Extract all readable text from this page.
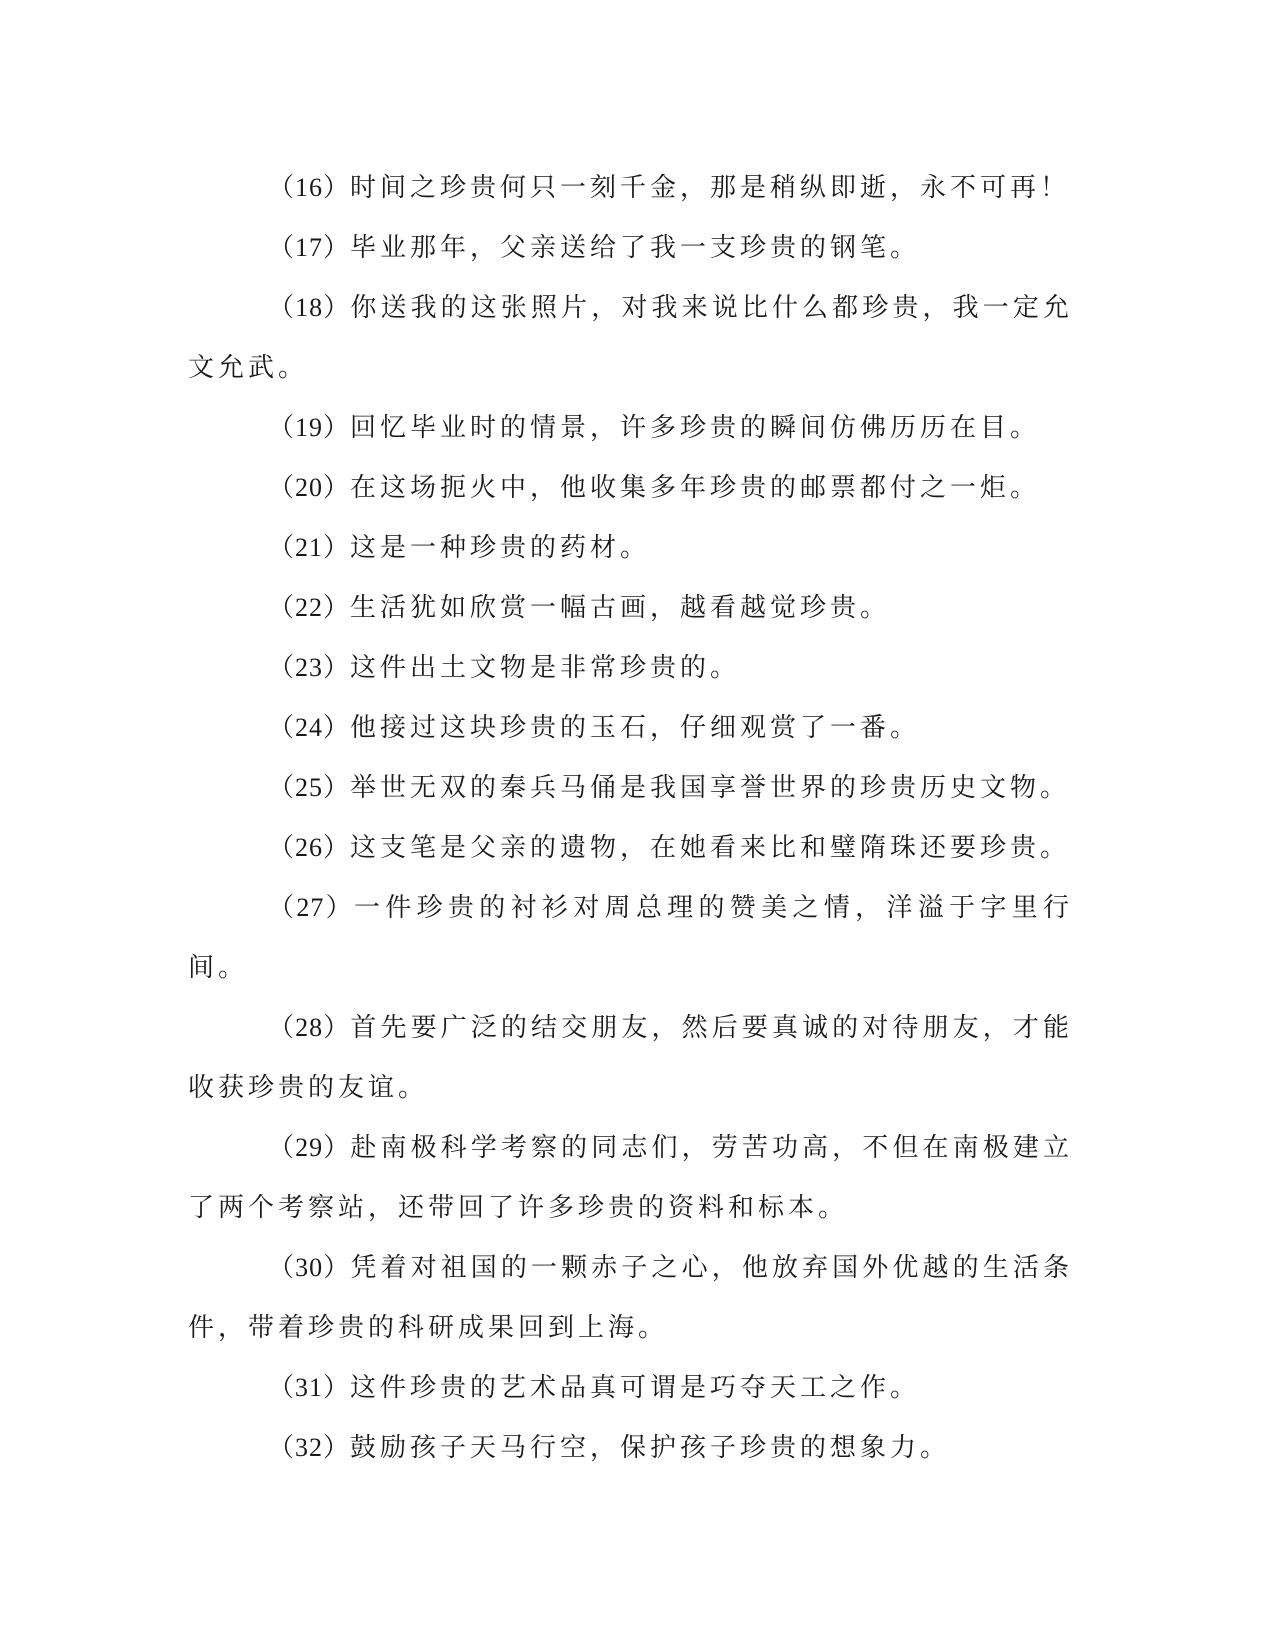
（16）时间之珍贵何只一刻千金，那是稍纵即逝，永不可再！

（17）毕业那年，父亲送给了我一支珍贵的钢笔。

（18）你送我的这张照片，对我来说比什么都珍贵，我一定允文允武。

（19）回忆毕业时的情景，许多珍贵的瞬间仿佛历历在目。

（20）在这场扼火中，他收集多年珍贵的邮票都付之一炬。

（21）这是一种珍贵的药材。

（22）生活犹如欣赏一幅古画，越看越觉珍贵。

（23）这件出土文物是非常珍贵的。

（24）他接过这块珍贵的玉石，仔细观赏了一番。

（25）举世无双的秦兵马俑是我国享誉世界的珍贵历史文物。

（26）这支笔是父亲的遗物，在她看来比和璧隋珠还要珍贵。

（27）一件珍贵的衬衫对周总理的赞美之情，洋溢于字里行间。

（28）首先要广泛的结交朋友，然后要真诚的对待朋友，才能收获珍贵的友谊。

（29）赴南极科学考察的同志们，劳苦功高，不但在南极建立了两个考察站，还带回了许多珍贵的资料和标本。

（30）凭着对祖国的一颗赤子之心，他放弃国外优越的生活条件，带着珍贵的科研成果回到上海。

（31）这件珍贵的艺术品真可谓是巧夺天工之作。

（32）鼓励孩子天马行空，保护孩子珍贵的想象力。
